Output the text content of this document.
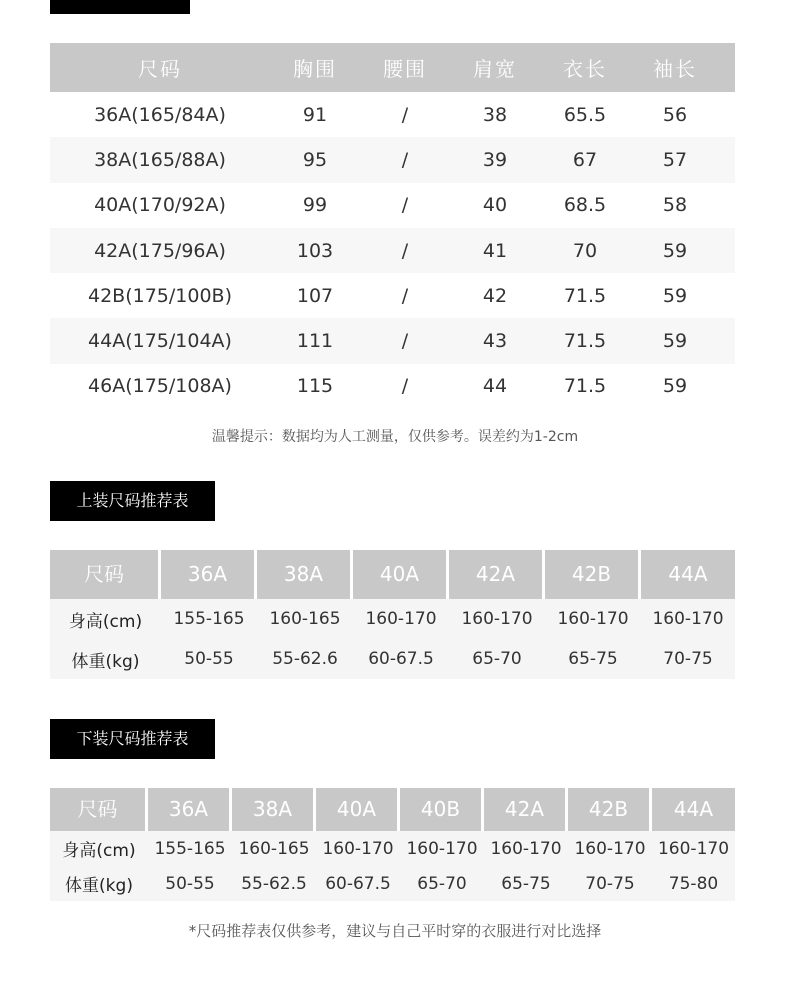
尺码	胸围	腰围	肩宽	衣长	袖长
36A(165/84A)	91	/	38	65.5	56
38A(165/88A)	95	/	39	67	57
40A(170/92A)	99	/	40	68.5	58
42A(175/96A)	103	/	41	70	59
42B(175/100B)	107	/	42	71.5	59
44A(175/104A)	111	/	43	71.5	59
46A(175/108A)	115	/	44	71.5	59
温馨提示：数据均为人工测量，仅供参考。误差约为1-2cm
上装尺码推荐表
尺码	36A	38A	40A	42A	42B	44A
身高(cm)	155-165	160-165	160-170	160-170	160-170	160-170
体重(kg)	50-55	55-62.6	60-67.5	65-70	65-75	70-75
下装尺码推荐表
尺码	36A	38A	40A	40B	42A	42B	44A
身高(cm)	155-165 160-165 160-170 160-170 160-170 160-170 160-170
体重(kg)	50-55	55-62.5	60-67.5	65-70	65-75	70-75	75-80
*尺码推荐表仅供参考，建议与自己平时穿的衣服进行对比选择
